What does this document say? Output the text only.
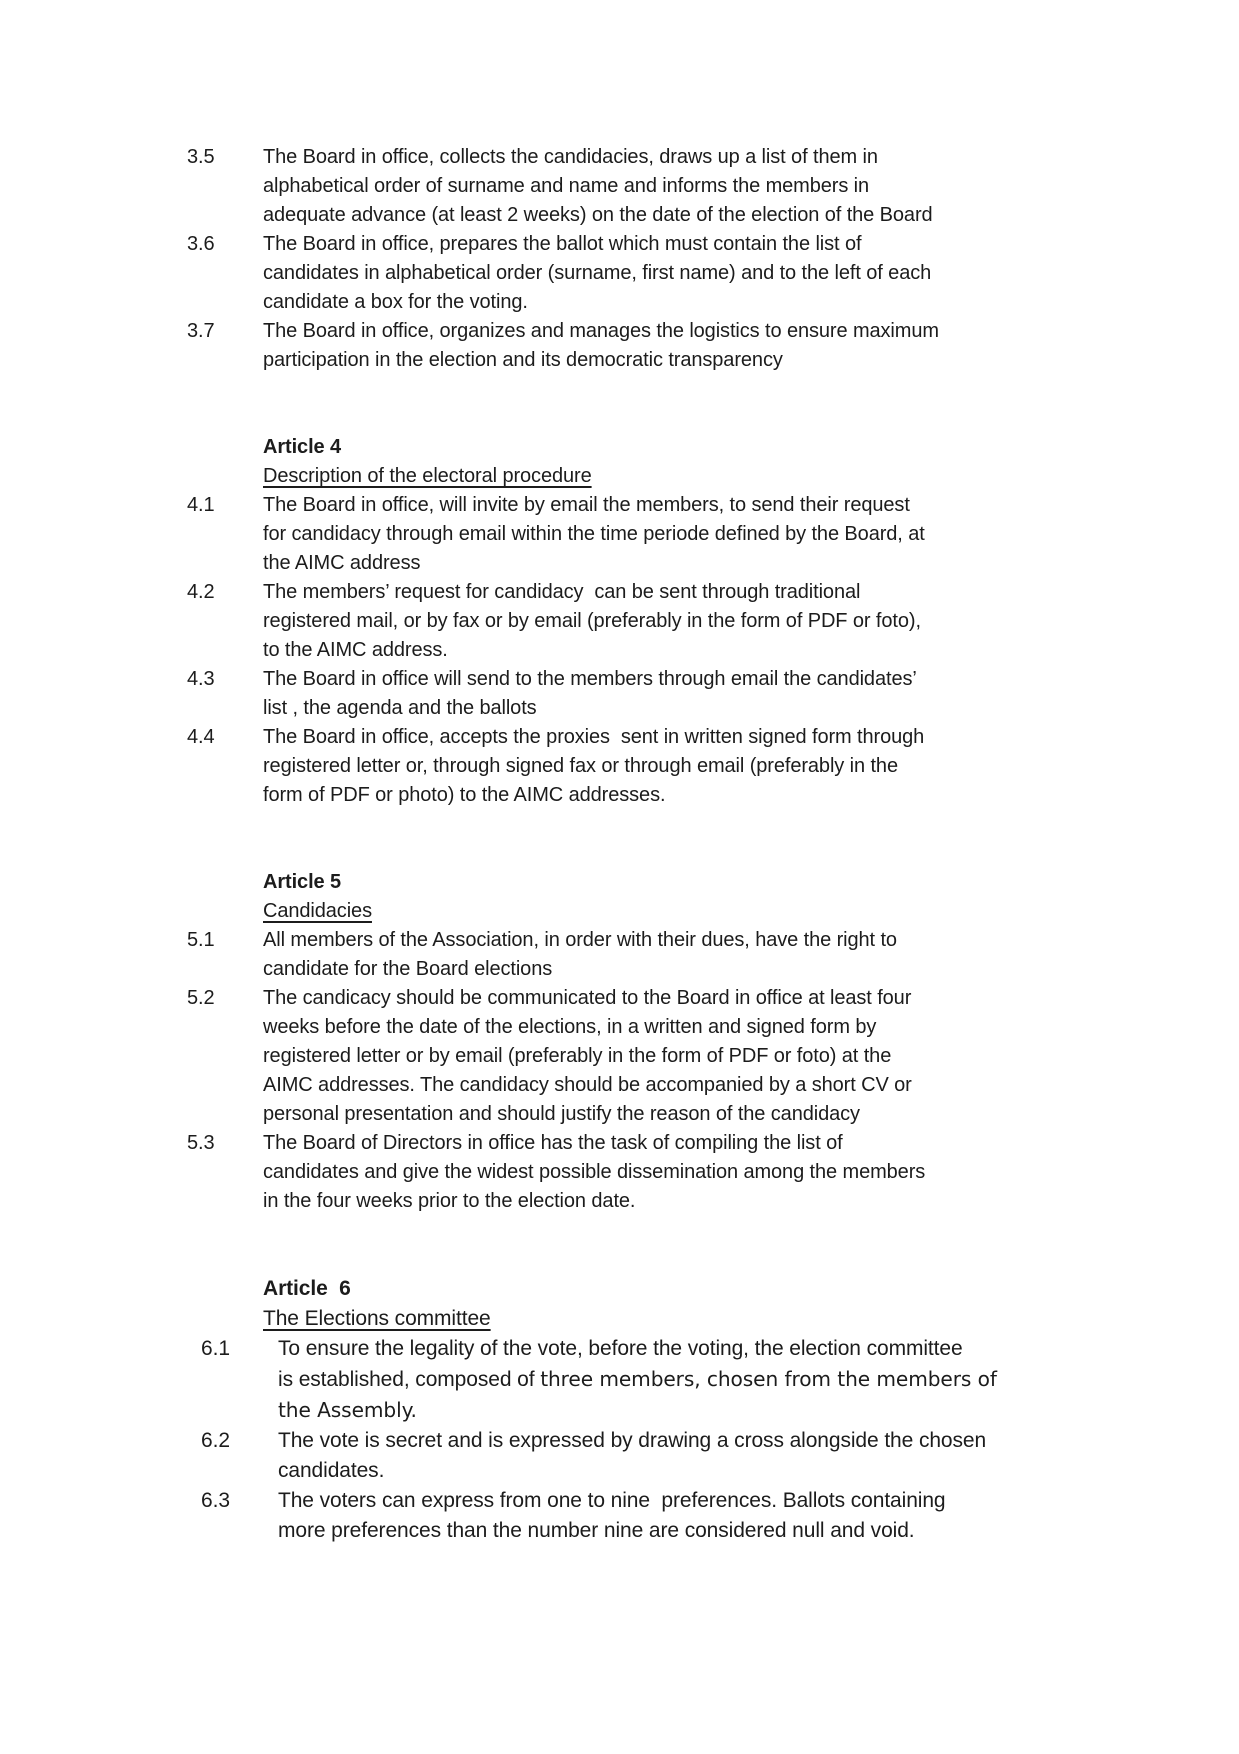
3.5 The Board in office, collects the candidacies, draws up a list of them in
alphabetical order of surname and name and informs the members in
adequate advance (at least 2 weeks) on the date of the election of the Board
3.6 The Board in office, prepares the ballot which must contain the list of
candidates in alphabetical order (surname, first name) and to the left of each
candidate a box for the voting.
3.7 The Board in office, organizes and manages the logistics to ensure maximum
participation in the election and its democratic transparency
Article 4
Description of the electoral procedure
4.1 The Board in office, will invite by email the members, to send their request
for candidacy through email within the time periode defined by the Board, at
the AIMC address
4.2 The members’ request for candidacy  can be sent through traditional
registered mail, or by fax or by email (preferably in the form of PDF or foto),
to the AIMC address.
4.3 The Board in office will send to the members through email the candidates’
list , the agenda and the ballots
4.4 The Board in office, accepts the proxies  sent in written signed form through
registered letter or, through signed fax or through email (preferably in the
form of PDF or photo) to the AIMC addresses.
Article 5
Candidacies
5.1 All members of the Association, in order with their dues, have the right to
candidate for the Board elections
5.2 The candicacy should be communicated to the Board in office at least four
weeks before the date of the elections, in a written and signed form by
registered letter or by email (preferably in the form of PDF or foto) at the
AIMC addresses. The candidacy should be accompanied by a short CV or
personal presentation and should justify the reason of the candidacy
5.3 The Board of Directors in office has the task of compiling the list of
candidates and give the widest possible dissemination among the members
in the four weeks prior to the election date.
Article  6
The Elections committee
6.1 To ensure the legality of the vote, before the voting, the election committee
is established, composed of three members, chosen from the members of
the Assembly.
6.2 The vote is secret and is expressed by drawing a cross alongside the chosen
candidates.
6.3 The voters can express from one to nine  preferences. Ballots containing
more preferences than the number nine are considered null and void.
